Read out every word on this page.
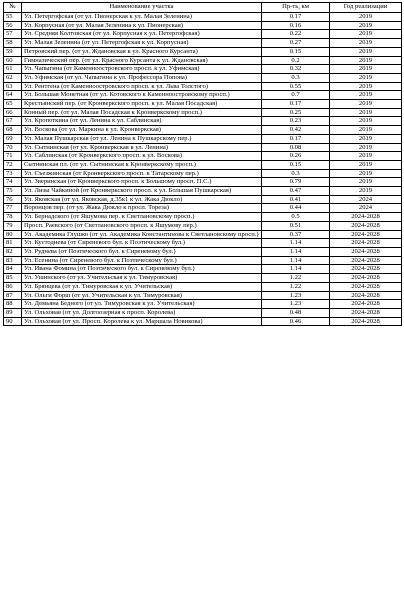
№	Наименование участка	Пр-ть, км	Год реализации
55	Ул. Петергофская (от ул. Пионерская к ул. Малая Зеленина)	0.17	2019
56	Ул. Корпусная (от ул. Малая Зеленина к ул. Пионерская)	0.16	2019
57	Ул. Средняя Колтовская (от ул. Корпусная к ул. Петергофская)	0.22	2019
58	Ул. Малая Зеленина (от ул. Петергофская к ул. Корпусная)	0.27	2019
59	Петровский пер. (от ул. Ждановская к ул. Красного Курсанта)	0.15	2019
60	Гимназический пер. (от ул. Красного Курсанта к ул. Ждановская)	0.2	2019
61	Ул. Чапыгина (от Каменноостровского просп. к ул. Уфимская)	0.32	2019
62	Ул. Уфимская (от ул. Чапыгина к ул. Профессора Попова)	0.3	2019
63	Ул. Рентгена (от Каменноостровского просп. к ул. Льва Толстого)	0.55	2019
64	Ул. Большая Монетная (от ул. Котовского к Каменноостровскому просп.)	0.7	2019
65	Крестьянский пер. (от Кронверкского просп. к ул. Малая Посадская)	0.17	2019
66	Конный пер. (от ул. Малая Посадская к Кронверкскому просп.)	0.25	2019
67	Ул. Кропоткина (от ул. Ленина к ул. Саблинская)	0.23	2019
68	Ул. Воскова (от ул. Маркина к ул. Кронверкская)	0.42	2019
69	Ул. Малая Пушкарская (от ул. Ленина к Пушкарскому пер.)	0.17	2019
70	Ул. Сытнинская (от ул. Кронверкская к ул. Ленина)	0.08	2019
71	Ул. Саблинская (от Кронверкского просп. к ул. Воскова)	0.26	2019
72	Сытнинская пл. (от ул. Сытнинская к Кронверкскому просп.)	0.15	2019
73	Ул. Съезжинская (от Кронверкского просп. к Татарскому пер.)	0.3	2019
74	Ул. Зверинская (от Кронверкского просп. к Большому просп. П.С.)	0.79	2019
75	Ул. Лизы Чайкиной (от Кронверкского просп. к ул. Большая Пушкарская)	0.47	2019
76	Ул. Яковская (от ул. Яковская, д.35к1 к ул. Жака Дюкло)	0.41	2024
77	Воронцов пер. (от ул. Жака Дюкло к просп. Тореза)	0.44	2024
78	Ул. Бернадского (от Яшумова пер. к Светлановскому просп.)	0.5	2024-2028
79	Просп. Раевского (от Светлановского просп. к Яшумову пер.)	0.51	2024-2028
80	Ул. Академика Глушко (от ул. Академика Константинова к Светлановскому просп.)	0.37	2024-2028
81	Ул. Кустодиева (от Сиреневого бул. к Поэтическому бул.)	1.14	2024-2028
82	Ул. Руднева (от Поэтического бул. к Сиреневому бул.)	1.14	2024-2028
83	Ул. Есенина (от Сиреневого бул. к Поэтическому бул.)	1.14	2024-2028
84	Ул. Ивана Фомина (от Поэтического бул. к Сиреневому бул.)	1.14	2024-2028
85	Ул. Ушинского (от ул. Учительская к ул. Тимуровская)	1.22	2024-2028
86	Ул. Брянцева (от ул. Тимуровская к ул. Учительская)	1.22	2024-2028
87	Ул. Ольги Форш (от ул. Учительская к ул. Тимуровская)	1.23	2024-2028
88	Ул. Демьяна Бедного (от ул. Тимуровская к ул. Учительская)	1.23	2024-2028
89	Ул. Ольховая (от ул. Долгоозерная к просп. Королева)	0.48	2024-2028
90	Ул. Ольховая (от ул. Просп. Королева к ул. Маршала Новикова)	0.46	2024-2028
